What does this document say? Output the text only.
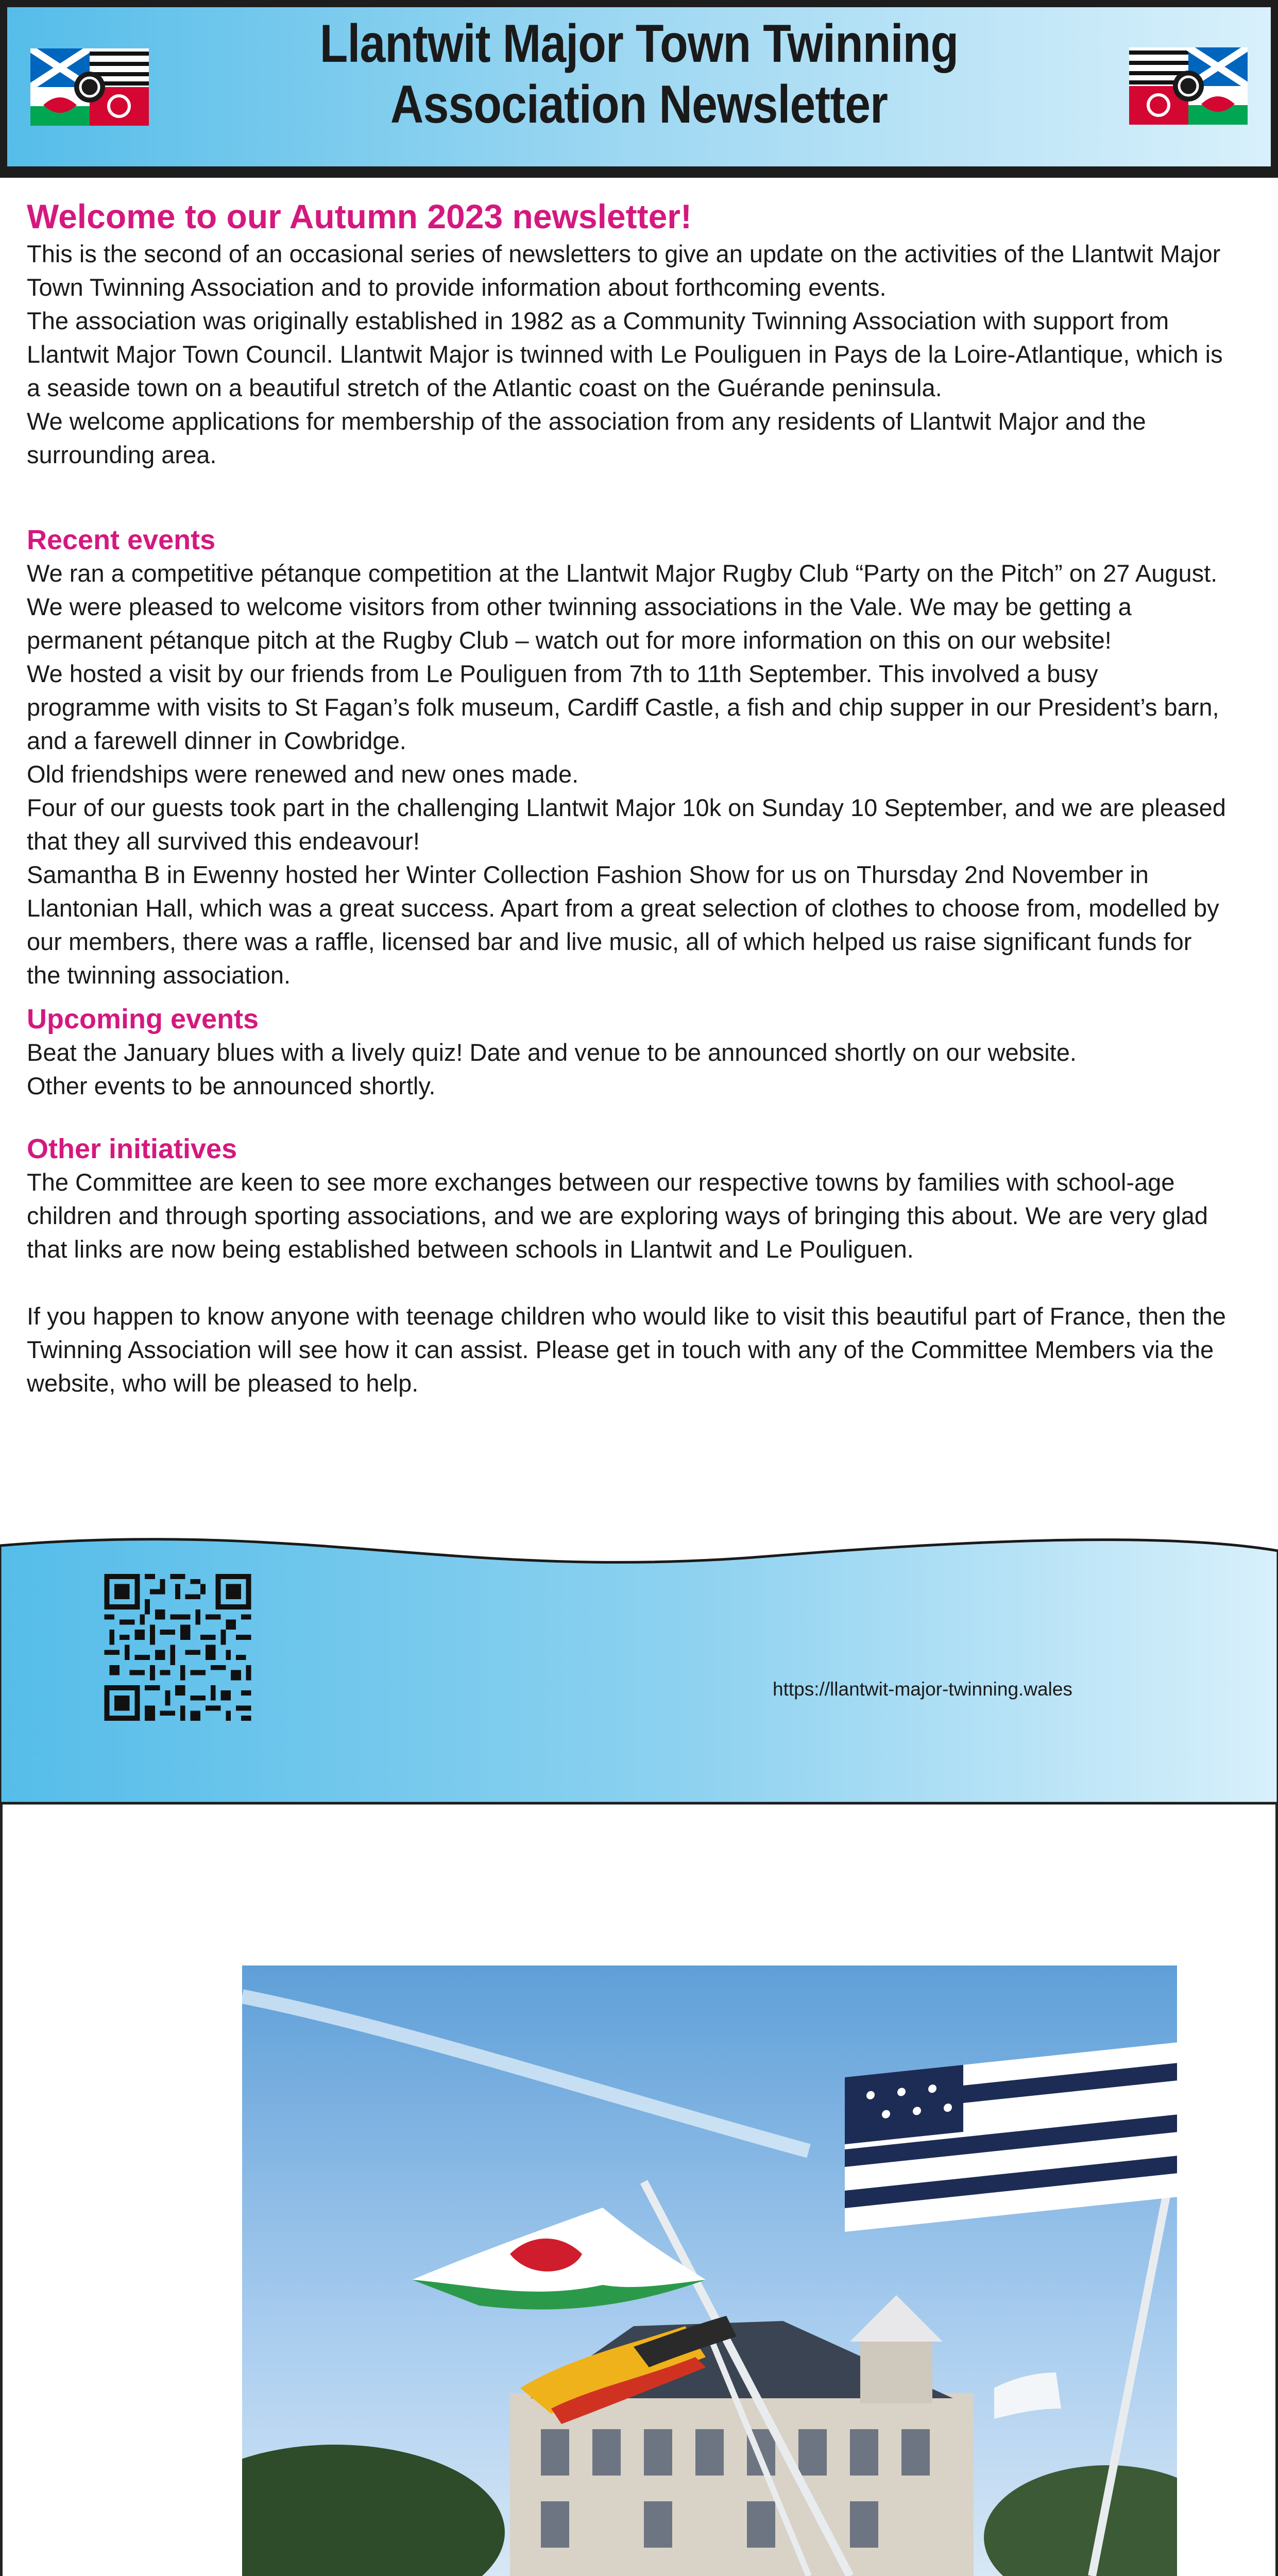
Llantwit Major Town Twinning
Association Newsletter
Welcome to our Autumn 2023 newsletter!

This is the second of an occasional series of newsletters to give an update on the activities of the Llantwit Major Town Twinning Association and to provide information about forthcoming events.

The association was originally established in 1982 as a Community Twinning Association with support from Llantwit Major Town Council. Llantwit Major is twinned with Le Pouliguen in Pays de la Loire-Atlantique, which is a seaside town on a beautiful stretch of the Atlantic coast on the Guérande peninsula.

We welcome applications for membership of the association from any residents of Llantwit Major and the surrounding area.

Recent events

We ran a competitive pétanque competition at the Llantwit Major Rugby Club “Party on the Pitch” on 27 August. We were pleased to welcome visitors from other twinning associations in the Vale. We may be getting a permanent pétanque pitch at the Rugby Club – watch out for more information on this on our website!

We hosted a visit by our friends from Le Pouliguen from 7th to 11th September. This involved a busy programme with visits to St Fagan’s folk museum, Cardiff Castle, a fish and chip supper in our President’s barn, and a farewell dinner in Cowbridge.

Old friendships were renewed and new ones made.

Four of our guests took part in the challenging Llantwit Major 10k on Sunday 10 September, and we are pleased that they all survived this endeavour!

Samantha B in Ewenny hosted her Winter Collection Fashion Show for us on Thursday 2nd November in Llantonian Hall, which was a great success. Apart from a great selection of clothes to choose from, modelled by our members, there was a raffle, licensed bar and live music, all of which helped us raise significant funds for the twinning association.

Upcoming events

Beat the January blues with a lively quiz! Date and venue to be announced shortly on our website.

Other events to be announced shortly.

Other initiatives

The Committee are keen to see more exchanges between our respective towns by families with school-age children and through sporting associations, and we are exploring ways of bringing this about. We are very glad that links are now being established between schools in Llantwit and Le Pouliguen.

If you happen to know anyone with teenage children who would like to visit this beautiful part of France, then the Twinning Association will see how it can assist. Please get in touch with any of the Committee Members via the website, who will be pleased to help.

https://llantwit-major-twinning.wales
